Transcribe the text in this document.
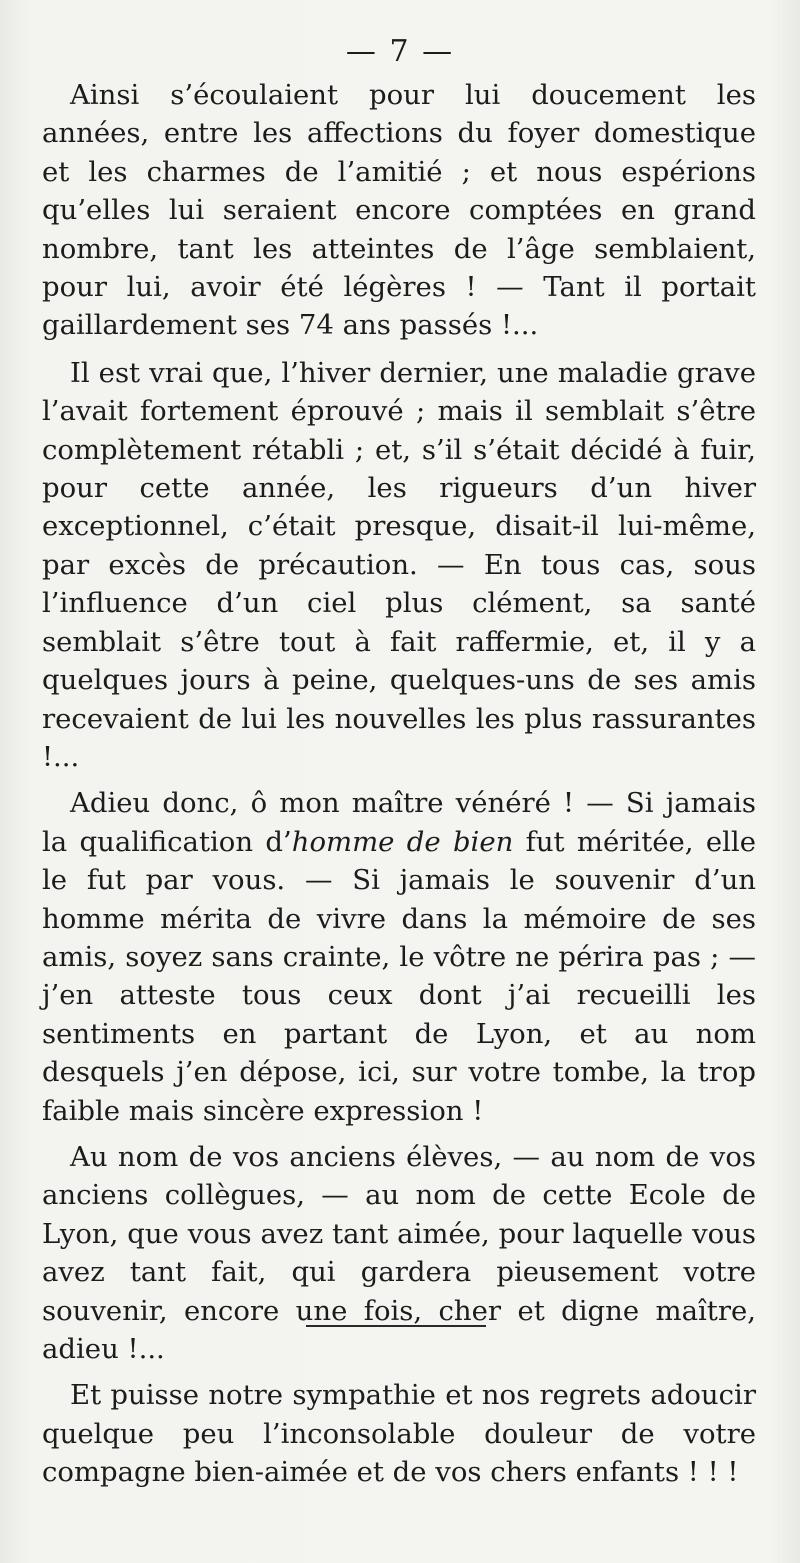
— 7 —

Ainsi s’écoulaient pour lui doucement les années, entre les affections du foyer domestique et les charmes de l’amitié ; et nous espérions qu’elles lui seraient encore comptées en grand nombre, tant les atteintes de l’âge semblaient, pour lui, avoir été légères ! — Tant il portait gaillardement ses 74 ans passés !...

Il est vrai que, l’hiver dernier, une maladie grave l’avait fortement éprouvé ; mais il semblait s’être complètement rétabli ; et, s’il s’était décidé à fuir, pour cette année, les rigueurs d’un hiver exceptionnel, c’était presque, disait-il lui-même, par excès de précaution. — En tous cas, sous l’influence d’un ciel plus clément, sa santé semblait s’être tout à fait raffermie, et, il y a quelques jours à peine, quelques-uns de ses amis recevaient de lui les nouvelles les plus rassurantes !...

Adieu donc, ô mon maître vénéré ! — Si jamais la qualification d’homme de bien fut méritée, elle le fut par vous. — Si jamais le souvenir d’un homme mérita de vivre dans la mémoire de ses amis, soyez sans crainte, le vôtre ne périra pas ; — j’en atteste tous ceux dont j’ai recueilli les sentiments en partant de Lyon, et au nom desquels j’en dépose, ici, sur votre tombe, la trop faible mais sincère expression !

Au nom de vos anciens élèves, — au nom de vos anciens collègues, — au nom de cette Ecole de Lyon, que vous avez tant aimée, pour laquelle vous avez tant fait, qui gardera pieusement votre souvenir, encore une fois, cher et digne maître, adieu !...

Et puisse notre sympathie et nos regrets adoucir quelque peu l’inconsolable douleur de votre compagne bien-aimée et de vos chers enfants ! ! !
